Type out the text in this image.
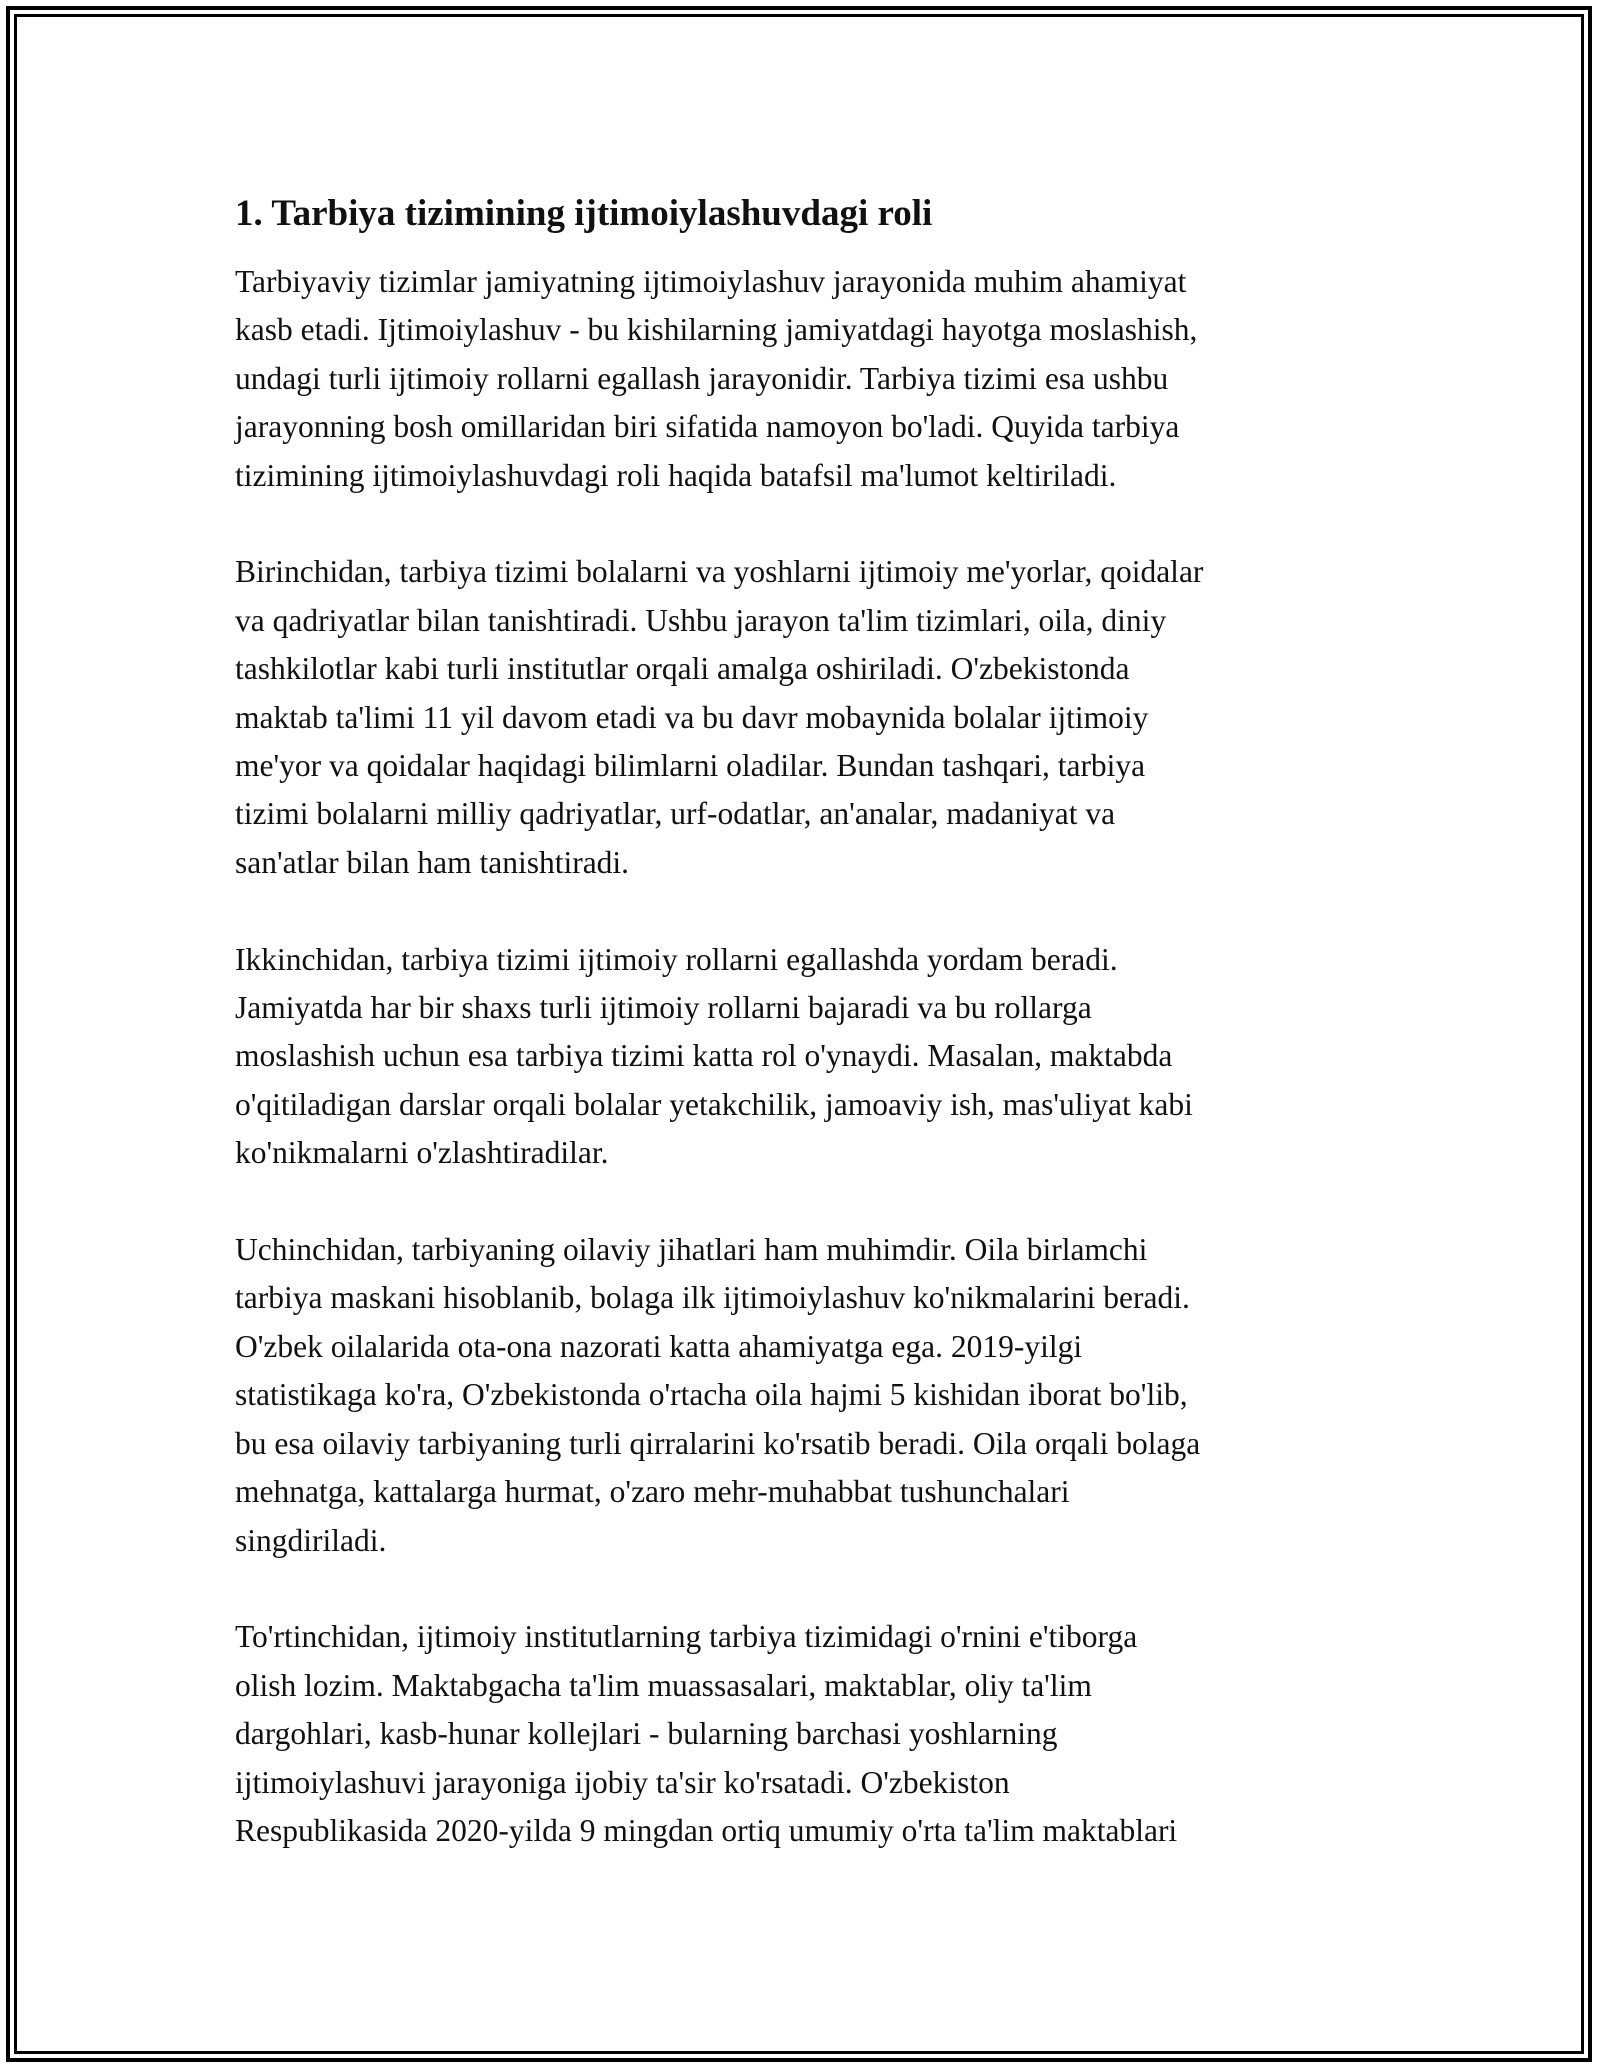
1. Tarbiya tizimining ijtimoiylashuvdagi roli

Tarbiyaviy tizimlar jamiyatning ijtimoiylashuv jarayonida muhim ahamiyat
kasb etadi. Ijtimoiylashuv - bu kishilarning jamiyatdagi hayotga moslashish,
undagi turli ijtimoiy rollarni egallash jarayonidir. Tarbiya tizimi esa ushbu
jarayonning bosh omillaridan biri sifatida namoyon bo'ladi. Quyida tarbiya
tizimining ijtimoiylashuvdagi roli haqida batafsil ma'lumot keltiriladi.

Birinchidan, tarbiya tizimi bolalarni va yoshlarni ijtimoiy me'yorlar, qoidalar
va qadriyatlar bilan tanishtiradi. Ushbu jarayon ta'lim tizimlari, oila, diniy
tashkilotlar kabi turli institutlar orqali amalga oshiriladi. O'zbekistonda
maktab ta'limi 11 yil davom etadi va bu davr mobaynida bolalar ijtimoiy
me'yor va qoidalar haqidagi bilimlarni oladilar. Bundan tashqari, tarbiya
tizimi bolalarni milliy qadriyatlar, urf-odatlar, an'analar, madaniyat va
san'atlar bilan ham tanishtiradi.

Ikkinchidan, tarbiya tizimi ijtimoiy rollarni egallashda yordam beradi.
Jamiyatda har bir shaxs turli ijtimoiy rollarni bajaradi va bu rollarga
moslashish uchun esa tarbiya tizimi katta rol o'ynaydi. Masalan, maktabda
o'qitiladigan darslar orqali bolalar yetakchilik, jamoaviy ish, mas'uliyat kabi
ko'nikmalarni o'zlashtiradilar.

Uchinchidan, tarbiyaning oilaviy jihatlari ham muhimdir. Oila birlamchi
tarbiya maskani hisoblanib, bolaga ilk ijtimoiylashuv ko'nikmalarini beradi.
O'zbek oilalarida ota-ona nazorati katta ahamiyatga ega. 2019-yilgi
statistikaga ko'ra, O'zbekistonda o'rtacha oila hajmi 5 kishidan iborat bo'lib,
bu esa oilaviy tarbiyaning turli qirralarini ko'rsatib beradi. Oila orqali bolaga
mehnatga, kattalarga hurmat, o'zaro mehr-muhabbat tushunchalari
singdiriladi.

To'rtinchidan, ijtimoiy institutlarning tarbiya tizimidagi o'rnini e'tiborga
olish lozim. Maktabgacha ta'lim muassasalari, maktablar, oliy ta'lim
dargohlari, kasb-hunar kollejlari - bularning barchasi yoshlarning
ijtimoiylashuvi jarayoniga ijobiy ta'sir ko'rsatadi. O'zbekiston
Respublikasida 2020-yilda 9 mingdan ortiq umumiy o'rta ta'lim maktablari
